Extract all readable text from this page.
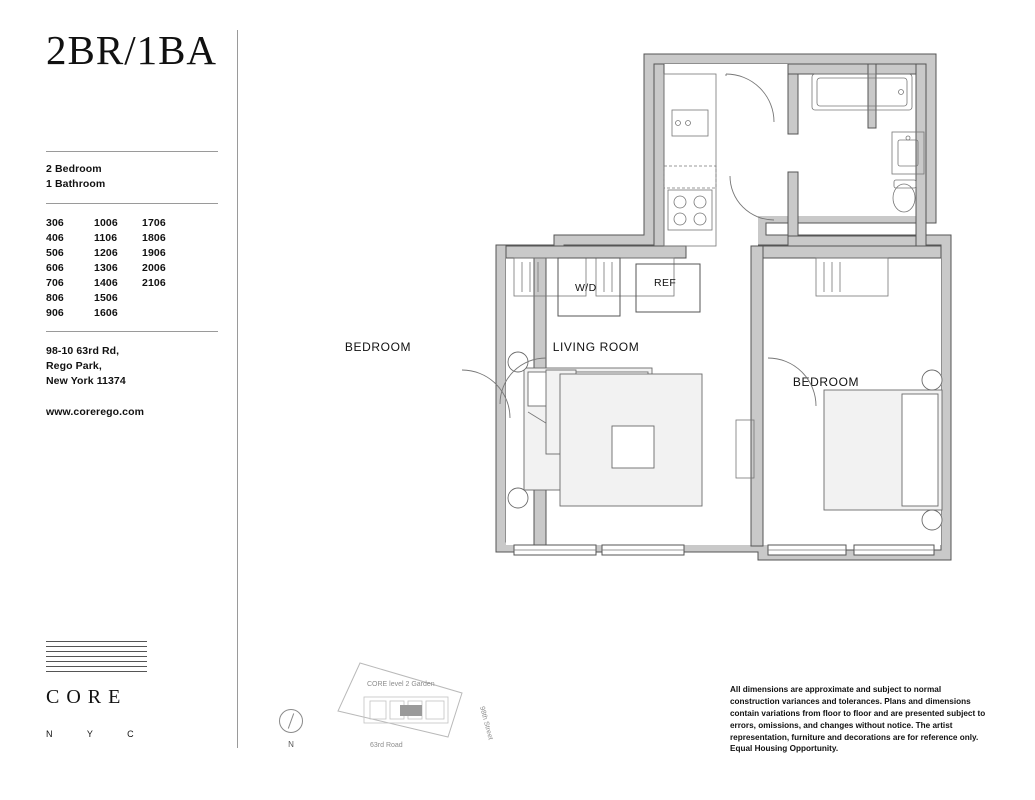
2BR/1BA
2 Bedroom
1 Bathroom
306	1006	1706
406	1106	1806
506	1206	1906
606	1306	2006
706	1406	2106
806	1506
906	1606
98-10 63rd Rd,
Rego Park,
New York 11374
www.corerego.com
CORE
N Y C
N
CORE level 2 Garden
63rd Road
98th Street
All dimensions are approximate and subject to normal construction variances and tolerances. Plans and dimensions contain variations from floor to floor and are presented subject to errors, omissions, and changes without notice. The artist representation, furniture and decorations are for reference only. Equal Housing Opportunity.
BEDROOM	LIVING ROOM
W/D	REF
BEDROOM
